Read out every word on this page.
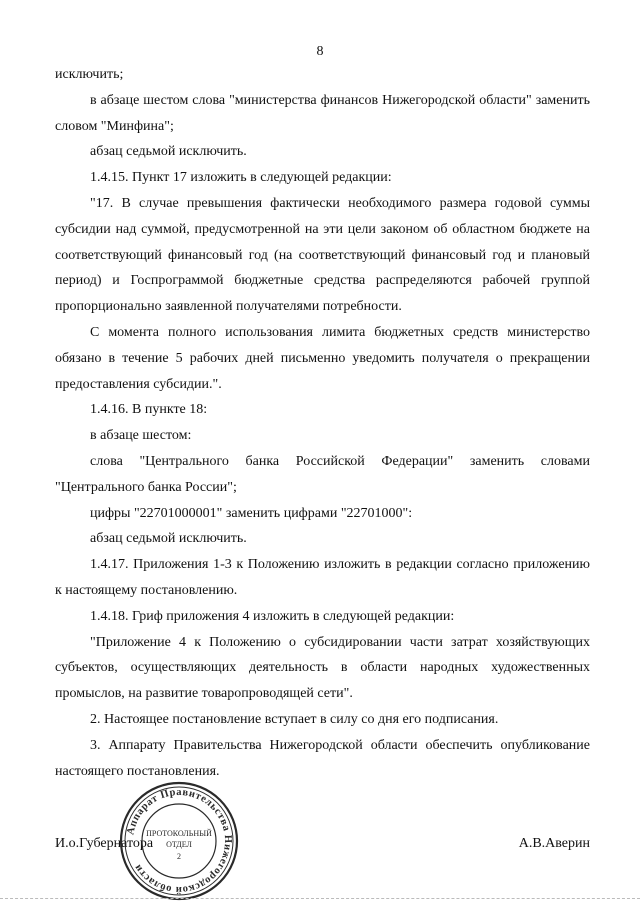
8

исключить;

в абзаце шестом слова "министерства финансов Нижегородской области" заменить словом "Минфина";

абзац седьмой исключить.

1.4.15. Пункт 17 изложить в следующей редакции:

"17. В случае превышения фактически необходимого размера годовой суммы субсидии над суммой, предусмотренной на эти цели законом об областном бюджете на соответствующий финансовый год (на соответствующий финансовый год и плановый период) и Госпрограммой бюджетные средства распределяются рабочей группой пропорционально заявленной получателями потребности.

С момента полного использования лимита бюджетных средств министерство обязано в течение 5 рабочих дней письменно уведомить получателя о прекращении предоставления субсидии.".

1.4.16. В пункте 18:

в абзаце шестом:

слова "Центрального банка Российской Федерации" заменить словами "Центрального банка России";

цифры "22701000001" заменить цифрами "22701000":

абзац седьмой исключить.

1.4.17. Приложения 1-3 к Положению изложить в редакции согласно приложению к настоящему постановлению.

1.4.18. Гриф приложения 4 изложить в следующей редакции:

"Приложение 4 к Положению о субсидировании части затрат хозяйствующих субъектов, осуществляющих деятельность в области народных художественных промыслов, на развитие товаропроводящей сети".

2. Настоящее постановление вступает в силу со дня его подписания.

3. Аппарату Правительства Нижегородской области обеспечить опубликование настоящего постановления.

И.о.Губернатора	А.В.Аверин
Аппарат Правительства Нижегородской области
ПРОТОКОЛЬНЫЙ
ОТДЕЛ
2
